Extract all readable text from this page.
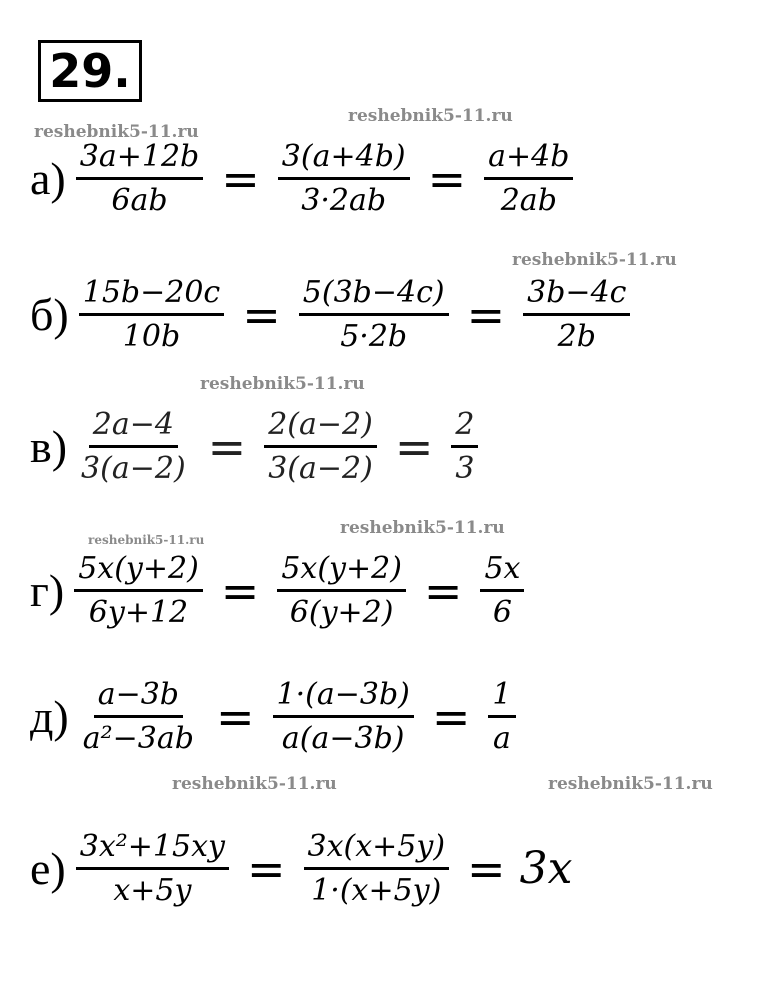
29.
reshebnik5-11.ru
reshebnik5-11.ru
reshebnik5-11.ru
reshebnik5-11.ru
reshebnik5-11.ru
reshebnik5-11.ru
reshebnik5-11.ru	reshebnik5-11.ru
$а) \frac{3a+12b}{6ab} = \frac{3(a+4b)}{3\cdot 2ab} = \frac{a+4b}{2ab}$
$б) \frac{15b-20c}{10b} = \frac{5(3b-4c)}{5\cdot 2b} = \frac{3b-4c}{2b}$
$в) \frac{2a-4}{3(a-2)} = \frac{2(a-2)}{3(a-2)} = \frac{2}{3}$
$г) \frac{5x(y+2)}{6y+12} = \frac{5x(y+2)}{6(y+2)} = \frac{5x}{6}$
$д) \frac{a-3b}{\text{a²−3ab}} = \frac{1\cdot(a-3b)}{a(a-3b)} = \frac{1}{a}$
$е) \frac{\text{3x²+15xy}}{x+5y} = \frac{3x(x+5y)}{1\cdot(x+5y)} = 3x$
